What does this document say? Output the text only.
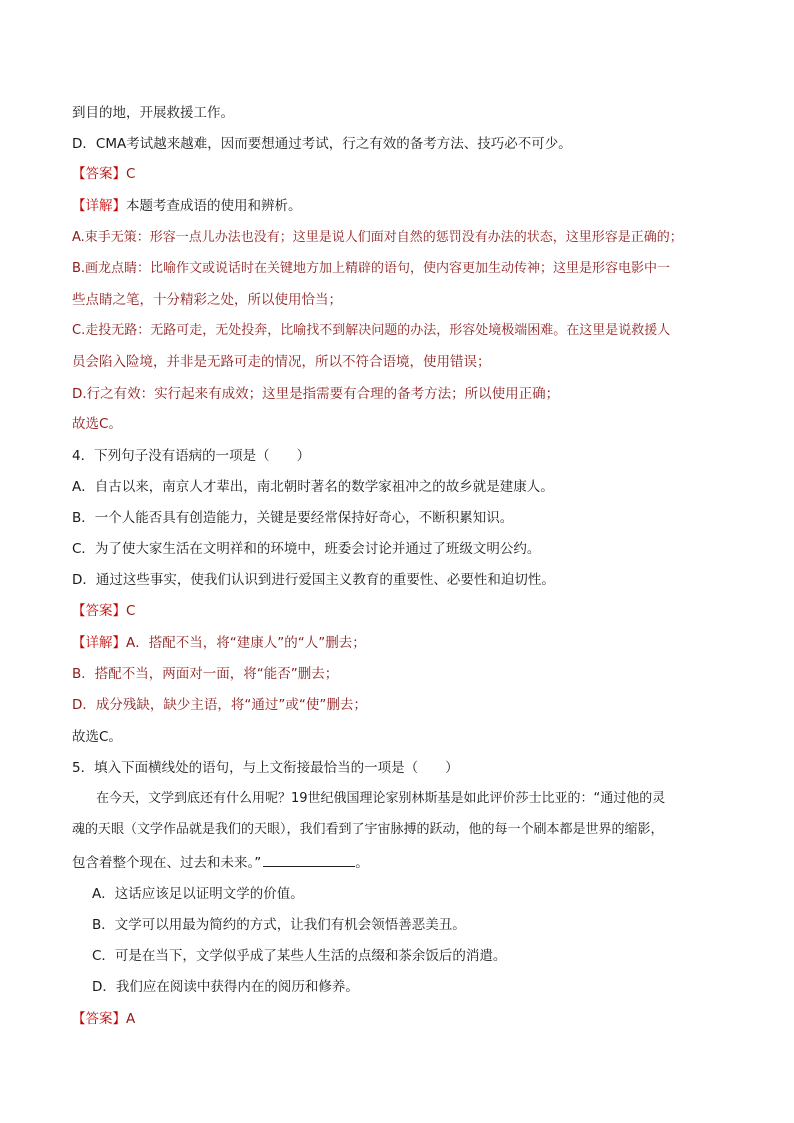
到目的地，开展救援工作。
D．CMA考试越来越难，因而要想通过考试，行之有效的备考方法、技巧必不可少。
【答案】C
【详解】本题考查成语的使用和辨析。
A.束手无策：形容一点儿办法也没有；这里是说人们面对自然的惩罚没有办法的状态，这里形容是正确的；
B.画龙点睛：比喻作文或说话时在关键地方加上精辟的语句，使内容更加生动传神；这里是形容电影中一
些点睛之笔，十分精彩之处，所以使用恰当；
C.走投无路：无路可走，无处投奔，比喻找不到解决问题的办法，形容处境极端困难。在这里是说救援人
员会陷入险境，并非是无路可走的情况，所以不符合语境，使用错误；
D.行之有效：实行起来有成效；这里是指需要有合理的备考方法；所以使用正确；
故选C。
4．下列句子没有语病的一项是（　　）
A．自古以来，南京人才辈出，南北朝时著名的数学家祖冲之的故乡就是建康人。
B．一个人能否具有创造能力，关键是要经常保持好奇心，不断积累知识。
C．为了使大家生活在文明祥和的环境中，班委会讨论并通过了班级文明公约。
D．通过这些事实，使我们认识到进行爱国主义教育的重要性、必要性和迫切性。
【答案】C
【详解】A．搭配不当，将“建康人”的“人”删去；
B．搭配不当，两面对一面，将“能否”删去；
D．成分残缺，缺少主语，将“通过”或“使”删去；
故选C。
5．填入下面横线处的语句，与上文衔接最恰当的一项是（　　）
在今天，文学到底还有什么用呢？19世纪俄国理论家别林斯基是如此评价莎士比亚的：“通过他的灵
魂的天眼（文学作品就是我们的天眼），我们看到了宇宙脉搏的跃动，他的每一个刷本都是世界的缩影，
包含着整个现在、过去和未来。”	。
A．这话应该足以证明文学的价值。
B．文学可以用最为简约的方式，让我们有机会领悟善恶美丑。
C．可是在当下，文学似乎成了某些人生活的点缀和茶余饭后的消遣。
D．我们应在阅读中获得内在的阅历和修养。
【答案】A
